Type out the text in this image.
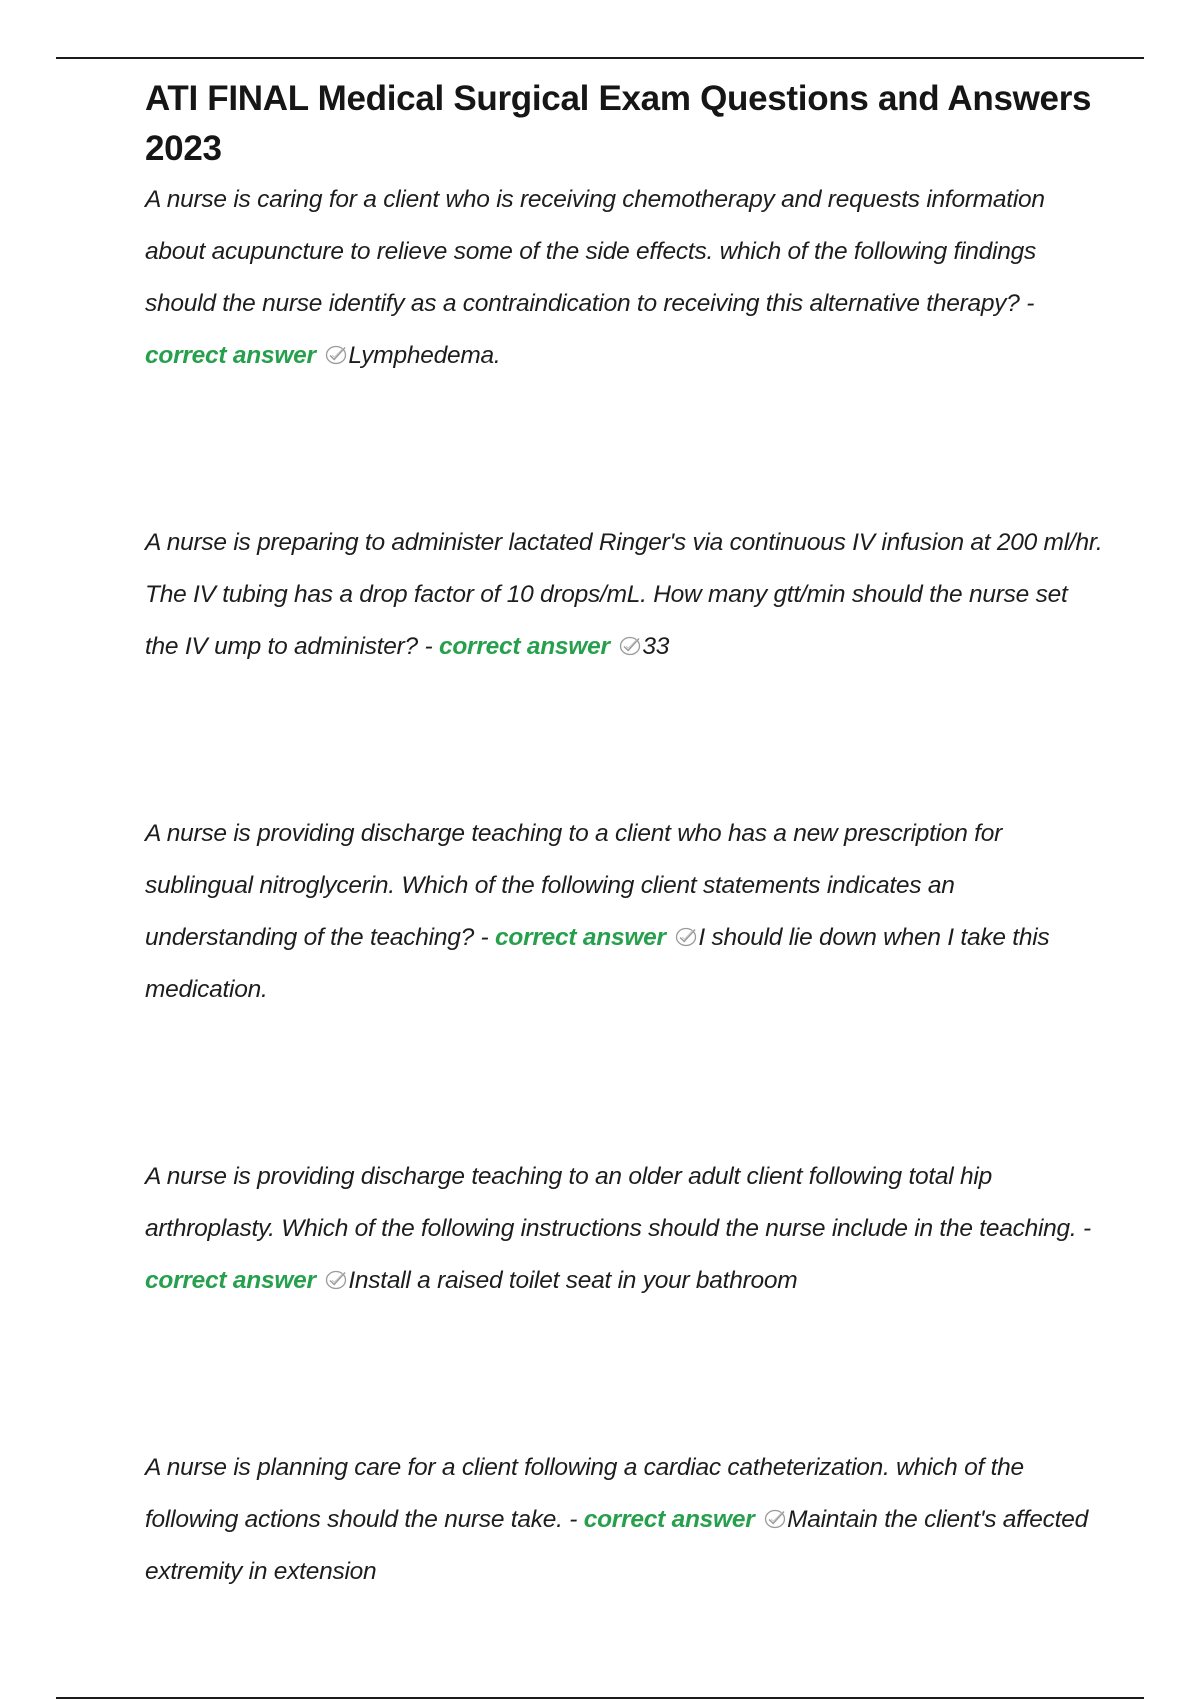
ATI FINAL Medical Surgical Exam Questions and Answers 2023
A nurse is caring for a client who is receiving chemotherapy and requests information about acupuncture to relieve some of the side effects. which of the following findings should the nurse identify as a contraindication to receiving this alternative therapy? - correct answer Lymphedema.
A nurse is preparing to administer lactated Ringer's via continuous IV infusion at 200 ml/hr. The IV tubing has a drop factor of 10 drops/mL. How many gtt/min should the nurse set the IV ump to administer? - correct answer 33
A nurse is providing discharge teaching to a client who has a new prescription for sublingual nitroglycerin. Which of the following client statements indicates an understanding of the teaching? - correct answer I should lie down when I take this medication.
A nurse is providing discharge teaching to an older adult client following total hip arthroplasty. Which of the following instructions should the nurse include in the teaching. - correct answer Install a raised toilet seat in your bathroom
A nurse is planning care for a client following a cardiac catheterization. which of the following actions should the nurse take. - correct answer Maintain the client's affected extremity in extension
